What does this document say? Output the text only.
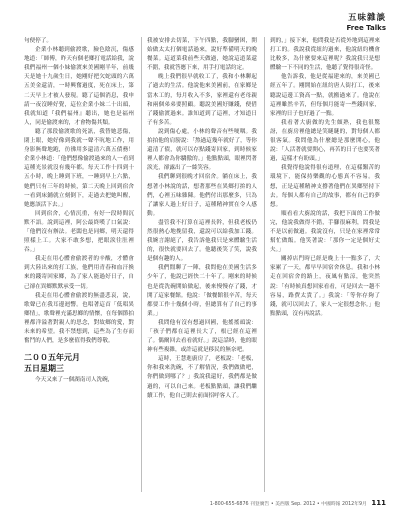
五味雜談
Free Talks

句便停了。

企業小林聽到偷渡歌，臉色陰沉，傷感地道：「師傅，昨天有個老鄉打電話給我，說我們福州一個小妹偷渡來美國剛半年，前幾天是她十九歲生日，她剛好把欠蛇頭的六萬五美金還清，一時興奮過度，死在床上，第二天早上才被人發現。聽了這個消息，我申請一夜沒睡好覺，這位企業小妹二十出頭，我就知道『我們福州』聽出，她也是福州人，同是偷渡來的，才會物傷其類。

聽了那段偷渡歌的死訊，我替她悲傷，閉上眼，她好像到我就一聲不吭地工作，用身影無聲地跑，彷彿用多還清六萬五債務！企業小林道：「他們想像偷渡過來的人一看到這種光景就沒有幾年都。每天工作十四到十五小時，晚上睡到下班，一睡到早上六點，她們只有三年的時候，第二天晚上回到宿舍一看到床鋪就立刻倒下，走過去把她叫醒，她應該活下去。」

回到宿舍，心情沉重，有好一段時間沉默不語。說到這裡，阿公最終嘆了口氣說：「他們沒有辦法。老闆也是同鄉，明天還得照樣上工。大家不敢多想，把眼淚往肚裡吞。」

我走在用心體會偷渡者的辛酸，才體會到大陸出來的打工族，他們用青春和血汗換來的錢寄回家鄉，為了家人能過好日子，自己卻在異鄉默默承受一切。

我走在用心體會偷渡的無盡悲哀，說，歌聲已在我耳邊迴響。也唱著這首「低唱異鄉情」，歌聲裡充滿思鄉的情懷，在每個節拍裡都洋溢著對親人的思念，對故鄉的愛，對未來的希望。我不禁想到，這些為了生存而奮鬥的人們，是多麼值得我們尊敬。

二００五年元月
五日星期三

今天又來了一個湖南司人洗碗，

我被安排去切菜，下午四點，我腳蠻困，開始做太太打個電話過來，說好準備明天的晚餐菜。這道菜我前些天做過，她說這道菜還不錯，我就答應下來，用手打電話約定。

晚上我們很早就收工了，我和小林聊起了過去的生活。他說他來美國前，在家鄉是當木工的，每月收入不多，家裡還有老母親和兩個弟弟要照顧。聽說美國好賺錢，便借了錢偷渡過來。誰知道到了這裡，才知道日子有多苦。

說到傷心處，小林的聲音有些哽咽。我拍拍他的肩膀說：「熬過這幾年就好了，等你還清了債，就可以存點錢寄回家，到時候家裡人都會為你驕傲的。」他點點頭，眼裡閃著淚光，卻露出了一絲笑容。

我們聊到很晚才回宿舍。躺在床上，我想著小林說的話，想著那些在異鄉打拚的人們，心裡五味雜陳。他們付出那麼多，只為了讓家人過上好日子，這種精神實在令人感動。

盡管我不打算在這裡長幹，但我老板仍然很熱心地挽留我，還說可以給我加工錢。我婉言謝絕了，我告訴他我只是來體驗生活的，很快就要回去了。他聽後笑了笑，說我是個有趣的人。

我們閒聊了一陣，我問他在美國生活多少年了，他說已經快二十年了。剛來的時候也是從洗碗開始做起，後來慢慢存了錢，才開了這家餐館。他說：「做餐館很辛苦，每天都要工作十幾個小時，但總算有了自己的事業。」

我問他有沒有想過回國，他搖搖頭說：「孩子們都在這裡長大了，根已經在這裡了。偶爾回去看看就好。」說這話時，他的眼神有些複雜，或許這就是移民的無奈吧。

這時，王慧進廚房了，老板說：「老板，你和我來洗碗，不了解情況，我們做做吧，你們做到哪了？」我說我還好，我們都是做過的，可以自己來。老板點點頭，讓我們繼續工作，他自己則去前面招呼客人了。

到的，」接下來，他問我是否從外地到這裡來打工的。我說我從紐約過來，他說紐約機會比較多，為什麼要來這裡呢？我說我只是想體驗一下不同的生活，他聽了覺得很奇怪。

他告訴我，他是從福建來的，來美國已經五年了。剛開始在紐約唐人街打工，後來聽說這邊工資高一點，就搬過來了。他說在這裡雖然辛苦，但每個月能寄一些錢回家，家裡的日子也好過了一點。

我看著大廚做的先生頗熟，我也很驚訝，在廚房裡他總是笑瞇瞇的，對每個人都很客氣。我問他為什麼總是那麼開心，他說：「人活著就要開心，再苦的日子也要笑著過，這樣才有盼頭。」

我覺得他說得很有道理，在這樣艱苦的環境下，能保持樂觀的心態真不容易。我想，正是這種精神支撐著他們在異鄉堅持下去。每個人都有自己的故事，都有自己的夢想。

順看看大廚說的話，我把下面的工作做完，他說我做得不錯，手腳很麻利，問我是不是以前做過。我說沒有，只是在家裡常常幫忙做飯。他笑著說：「那你一定是個好丈夫。」

關掉店門時已經是晚上十一點多了，大家累了一天，都早早回宿舍休息。我和小林走在回宿舍的路上，夜風有點涼，他突然說：「有時候真想回家看看，可是回去一趟不容易，路費太貴了。」我說：「等你存夠了錢，就可以回去了，家人一定很想念你。」他點點頭，沒有再說話。

1-800-655-6876 刊登廣告 • 美西版 Sep. 2012 • 中國時報 2012年9月 111
